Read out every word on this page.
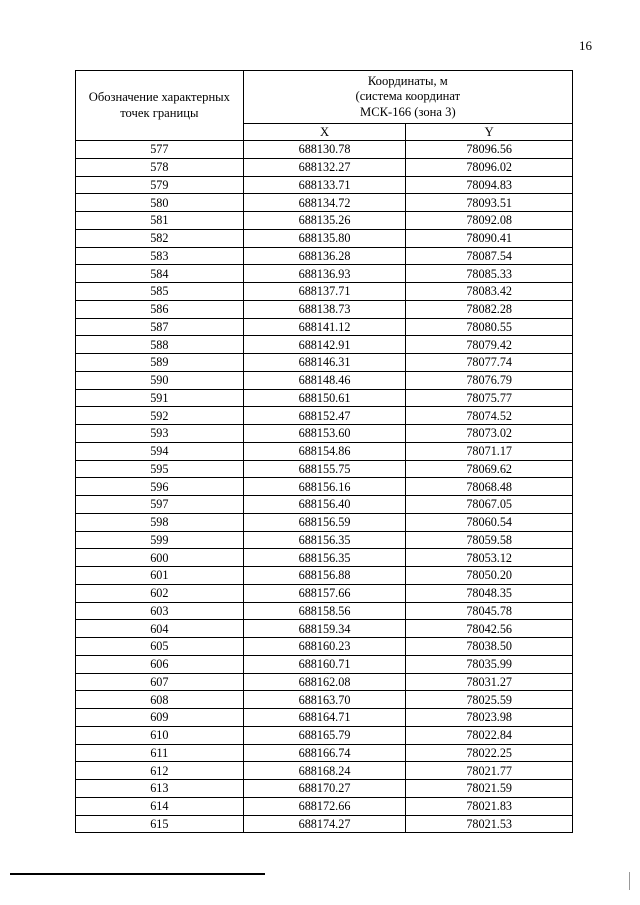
16
Обозначение характерных точек границы	Координаты, м
(система координат
МСК-166 (зона 3)	

	X	Y
577	688130.78	78096.56
578	688132.27	78096.02
579	688133.71	78094.83
580	688134.72	78093.51
581	688135.26	78092.08
582	688135.80	78090.41
583	688136.28	78087.54
584	688136.93	78085.33
585	688137.71	78083.42
586	688138.73	78082.28
587	688141.12	78080.55
588	688142.91	78079.42
589	688146.31	78077.74
590	688148.46	78076.79
591	688150.61	78075.77
592	688152.47	78074.52
593	688153.60	78073.02
594	688154.86	78071.17
595	688155.75	78069.62
596	688156.16	78068.48
597	688156.40	78067.05
598	688156.59	78060.54
599	688156.35	78059.58
600	688156.35	78053.12
601	688156.88	78050.20
602	688157.66	78048.35
603	688158.56	78045.78
604	688159.34	78042.56
605	688160.23	78038.50
606	688160.71	78035.99
607	688162.08	78031.27
608	688163.70	78025.59
609	688164.71	78023.98
610	688165.79	78022.84
611	688166.74	78022.25
612	688168.24	78021.77
613	688170.27	78021.59
614	688172.66	78021.83
615	688174.27	78021.53
